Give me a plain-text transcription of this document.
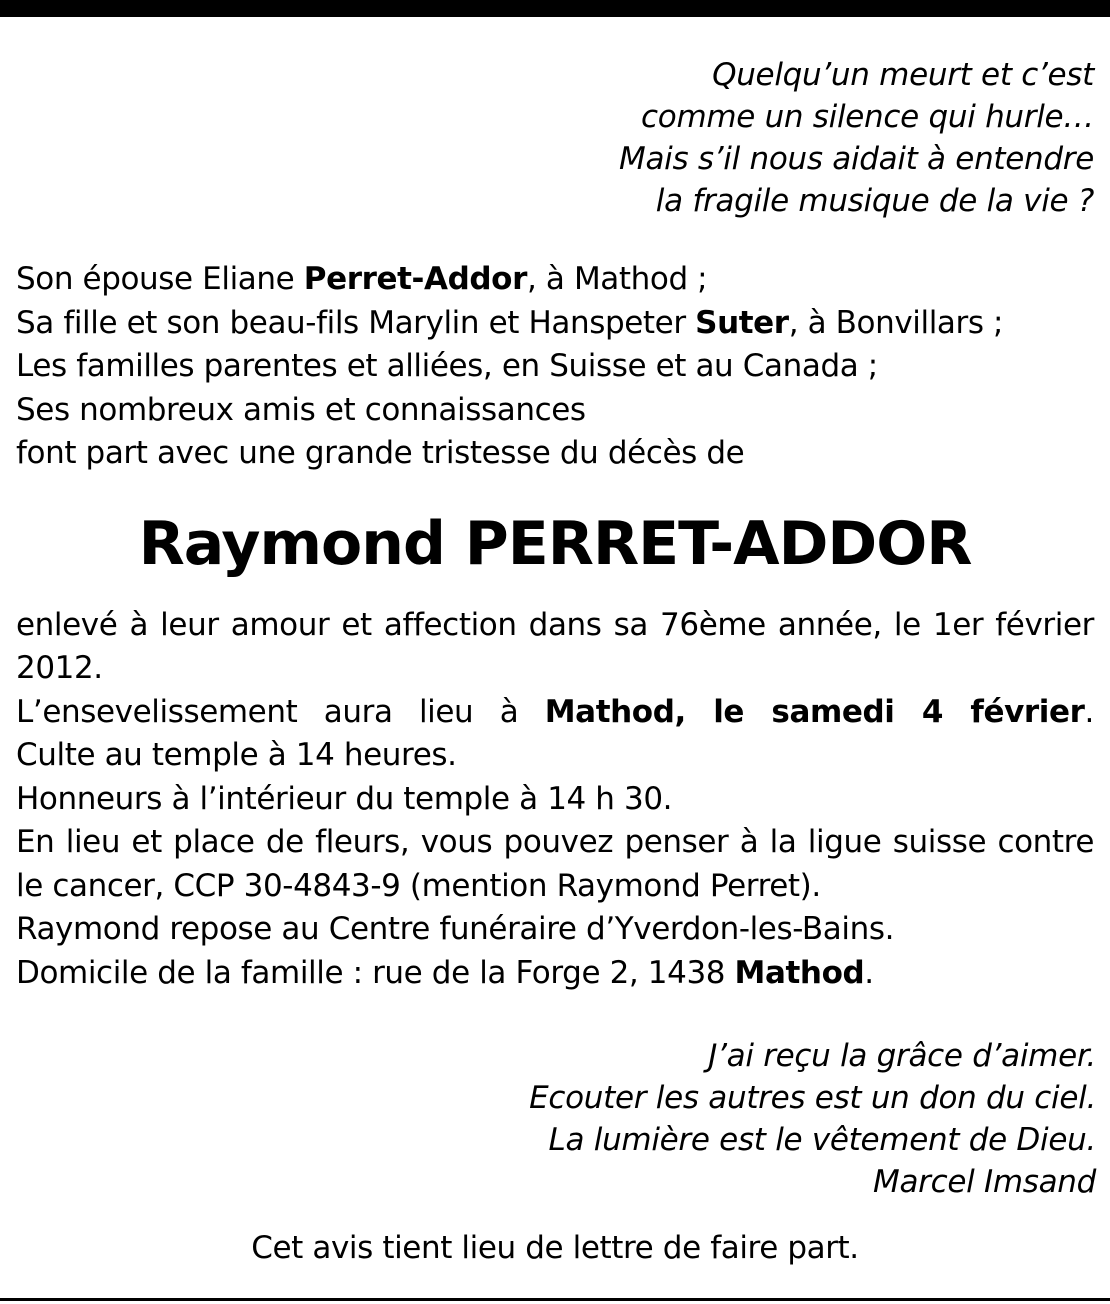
Quelqu’un meurt et c’est
comme un silence qui hurle…
Mais s’il nous aidait à entendre
la fragile musique de la vie ?
Son épouse Eliane Perret-Addor, à Mathod ;
Sa fille et son beau-fils Marylin et Hanspeter Suter, à Bonvillars ;
Les familles parentes et alliées, en Suisse et au Canada ;
Ses nombreux amis et connaissances
font part avec une grande tristesse du décès de
Raymond PERRET-ADDOR
enlevé à leur amour et affection dans sa 76ème année, le 1er février 2012.
L’ensevelissement aura lieu à Mathod, le samedi 4 février.
Culte au temple à 14 heures.
Honneurs à l’intérieur du temple à 14 h 30.
En lieu et place de fleurs, vous pouvez penser à la ligue suisse contre le cancer, CCP 30-4843-9 (mention Raymond Perret).
Raymond repose au Centre funéraire d’Yverdon-les-Bains.
Domicile de la famille : rue de la Forge 2, 1438 Mathod.
J’ai reçu la grâce d’aimer.
Ecouter les autres est un don du ciel.
La lumière est le vêtement de Dieu.
Marcel Imsand
Cet avis tient lieu de lettre de faire part.
